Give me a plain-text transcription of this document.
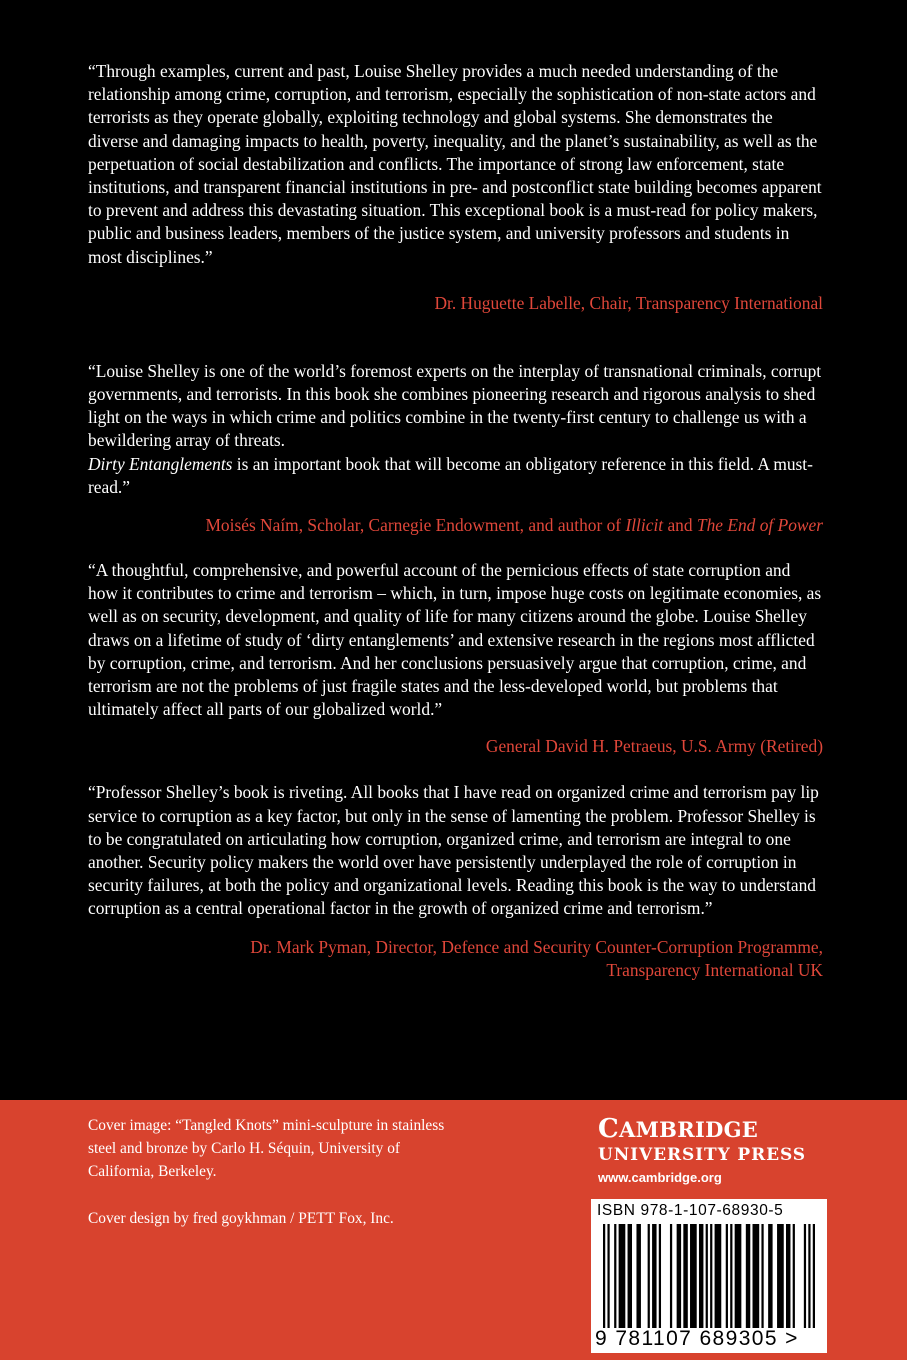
“Through examples, current and past, Louise Shelley provides a much needed understanding of the relationship among crime, corruption, and terrorism, especially the sophistication of non-state actors and terrorists as they operate globally, exploiting technology and global systems. She demonstrates the diverse and damaging impacts to health, poverty, inequality, and the planet’s sustainability, as well as the perpetuation of social destabilization and conflicts. The importance of strong law enforcement, state institutions, and transparent financial institutions in pre- and postconflict state building becomes apparent to prevent and address this devastating situation. This exceptional book is a must-read for policy makers, public and business leaders, members of the justice system, and university professors and students in most disciplines.”

Dr. Huguette Labelle, Chair, Transparency International

“Louise Shelley is one of the world’s foremost experts on the interplay of transnational criminals, corrupt governments, and terrorists. In this book she combines pioneering research and rigorous analysis to shed light on the ways in which crime and politics combine in the twenty-first century to challenge us with a bewildering array of threats.
Dirty Entanglements is an important book that will become an obligatory reference in this field. A must-read.”

Moisés Naím, Scholar, Carnegie Endowment, and author of Illicit and The End of Power

“A thoughtful, comprehensive, and powerful account of the pernicious effects of state corruption and how it contributes to crime and terrorism – which, in turn, impose huge costs on legitimate economies, as well as on security, development, and quality of life for many citizens around the globe. Louise Shelley draws on a lifetime of study of ‘dirty entanglements’ and extensive research in the regions most afflicted by corruption, crime, and terrorism. And her conclusions persuasively argue that corruption, crime, and terrorism are not the problems of just fragile states and the less-developed world, but problems that ultimately affect all parts of our globalized world.”

General David H. Petraeus, U.S. Army (Retired)

“Professor Shelley’s book is riveting. All books that I have read on organized crime and terrorism pay lip service to corruption as a key factor, but only in the sense of lamenting the problem. Professor Shelley is to be congratulated on articulating how corruption, organized crime, and terrorism are integral to one another. Security policy makers the world over have persistently underplayed the role of corruption in security failures, at both the policy and organizational levels. Reading this book is the way to understand corruption as a central operational factor in the growth of organized crime and terrorism.”

Dr. Mark Pyman, Director, Defence and Security Counter-Corruption Programme,
Transparency International UK

Cover image: “Tangled Knots” mini-sculpture in stainless steel and bronze by Carlo H. Séquin, University of California, Berkeley.

Cover design by fred goykhman / PETT Fox, Inc.

CAMBRIDGE
UNIVERSITY PRESS
www.cambridge.org
ISBN 978-1-107-68930-5
9 781107 689305 >
